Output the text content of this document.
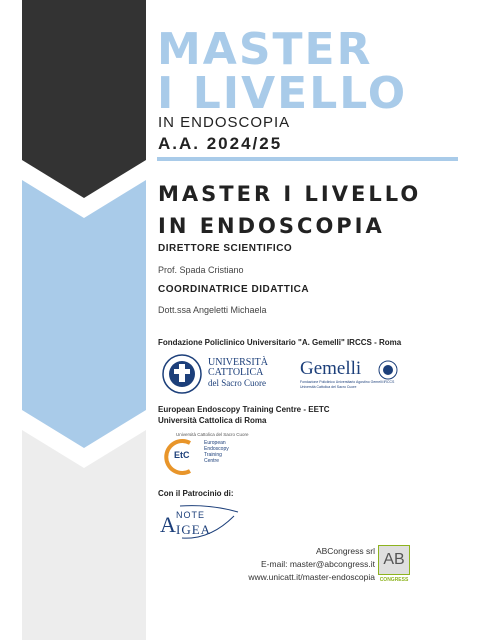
MASTER
I LIVELLO
IN ENDOSCOPIA
A.A. 2024/25
MASTER I LIVELLO
IN ENDOSCOPIA
DIRETTORE SCIENTIFICO
Prof. Spada Cristiano
COORDINATRICE DIDATTICA
Dott.ssa Angeletti Michaela
Fondazione Policlinico Universitario "A. Gemelli" IRCCS - Roma
UNIVERSITÀ
CATTOLICA
del Sacro Cuore
Gemelli
Fondazione Policlinico Universitario Agostino Gemelli IRCCS
Università Cattolica del Sacro Cuore
European Endoscopy Training Centre - EETC
Università Cattolica di Roma
Università Cattolica del Sacro Cuore
EtC
European
Endoscopy
Training
Centre
Con il Patrocinio di:
A NOTE
IGEA
ABCongress srl
E-mail: master@abcongress.it
www.unicatt.it/master-endoscopia
AB
CONGRESS
